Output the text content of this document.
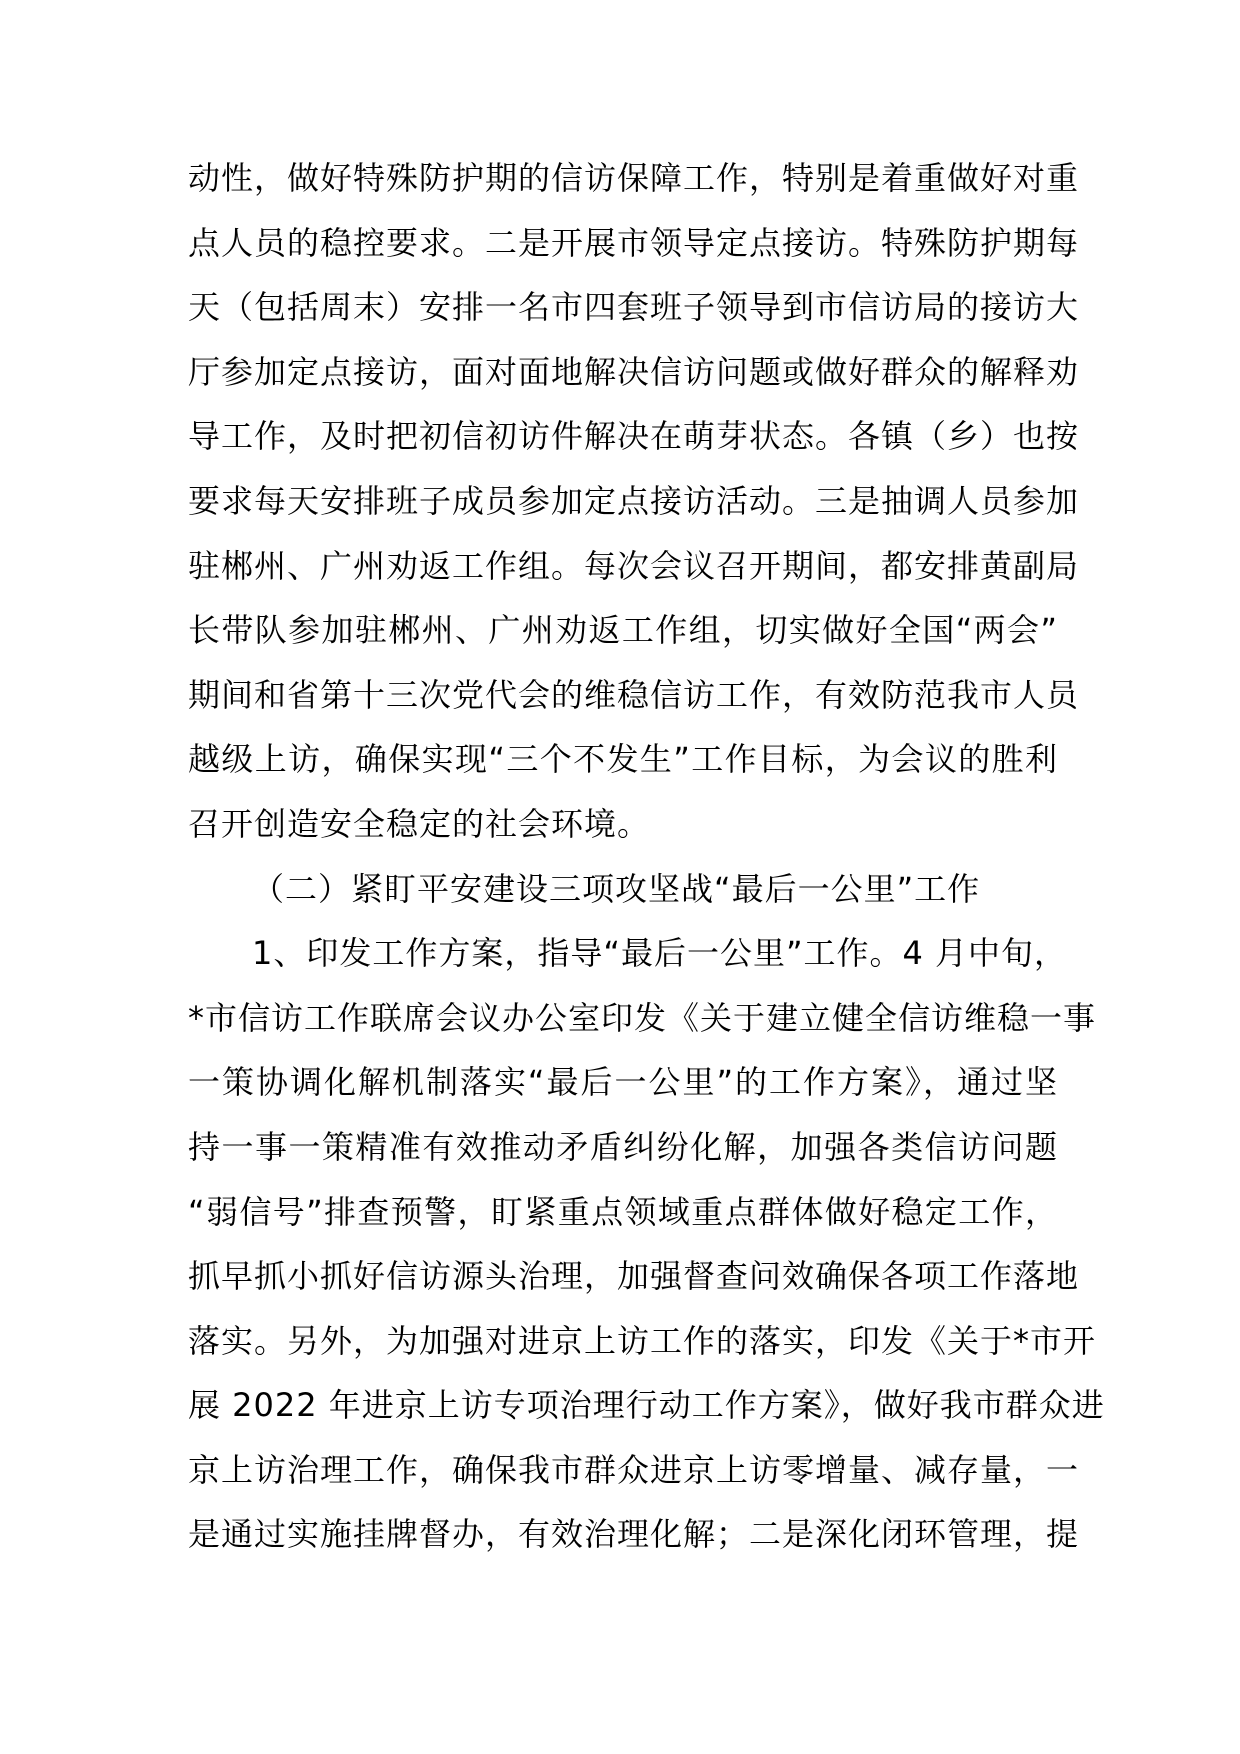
动性，做好特殊防护期的信访保障工作，特别是着重做好对重
点人员的稳控要求。二是开展市领导定点接访。特殊防护期每
天（包括周末）安排一名市四套班子领导到市信访局的接访大
厅参加定点接访，面对面地解决信访问题或做好群众的解释劝
导工作，及时把初信初访件解决在萌芽状态。各镇（乡）也按
要求每天安排班子成员参加定点接访活动。三是抽调人员参加
驻郴州、广州劝返工作组。每次会议召开期间，都安排黄副局
长带队参加驻郴州、广州劝返工作组，切实做好全国“两会”
期间和省第十三次党代会的维稳信访工作，有效防范我市人员
越级上访，确保实现“三个不发生”工作目标，为会议的胜利
召开创造安全稳定的社会环境。
（二）紧盯平安建设三项攻坚战“最后一公里”工作
1、印发工作方案，指导“最后一公里”工作。4 月中旬，
*市信访工作联席会议办公室印发《关于建立健全信访维稳一事
一策协调化解机制落实“最后一公里”的工作方案》，通过坚
持一事一策精准有效推动矛盾纠纷化解，加强各类信访问题
“弱信号”排查预警，盯紧重点领域重点群体做好稳定工作，
抓早抓小抓好信访源头治理，加强督查问效确保各项工作落地
落实。另外，为加强对进京上访工作的落实，印发《关于*市开
展 2022 年进京上访专项治理行动工作方案》，做好我市群众进
京上访治理工作，确保我市群众进京上访零增量、减存量，一
是通过实施挂牌督办，有效治理化解；二是深化闭环管理，提
